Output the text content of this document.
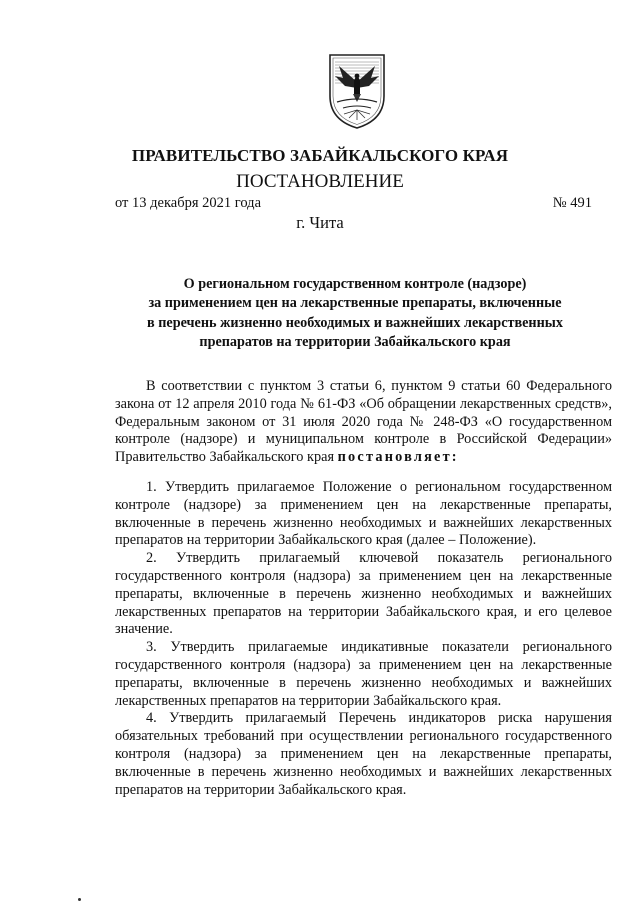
ПРАВИТЕЛЬСТВО ЗАБАЙКАЛЬСКОГО КРАЯ
ПОСТАНОВЛЕНИЕ
от 13 декабря 2021 года	№ 491
г. Чита
О региональном государственном контроле (надзоре)
за применением цен на лекарственные препараты, включенные
в перечень жизненно необходимых и важнейших лекарственных
препаратов на территории Забайкальского края

В соответствии с пунктом 3 статьи 6, пунктом 9 статьи 60 Федерального закона от 12 апреля 2010 года № 61-ФЗ «Об обращении лекарственных средств», Федеральным законом от 31 июля 2020 года № 248-ФЗ «О государственном контроле (надзоре) и муниципальном контроле в Российской Федерации» Правительство Забайкальского края постановляет:

1. Утвердить прилагаемое Положение о региональном государственном контроле (надзоре) за применением цен на лекарственные препараты, включенные в перечень жизненно необходимых и важнейших лекарственных препаратов на территории Забайкальского края (далее – Положение).

2. Утвердить прилагаемый ключевой показатель регионального государственного контроля (надзора) за применением цен на лекарственные препараты, включенные в перечень жизненно необходимых и важнейших лекарственных препаратов на территории Забайкальского края, и его целевое значение.

3. Утвердить прилагаемые индикативные показатели регионального государственного контроля (надзора) за применением цен на лекарственные препараты, включенные в перечень жизненно необходимых и важнейших лекарственных препаратов на территории Забайкальского края.

4. Утвердить прилагаемый Перечень индикаторов риска нарушения обязательных требований при осуществлении регионального государственного контроля (надзора) за применением цен на лекарственные препараты, включенные в перечень жизненно необходимых и важнейших лекарственных препаратов на территории Забайкальского края.
